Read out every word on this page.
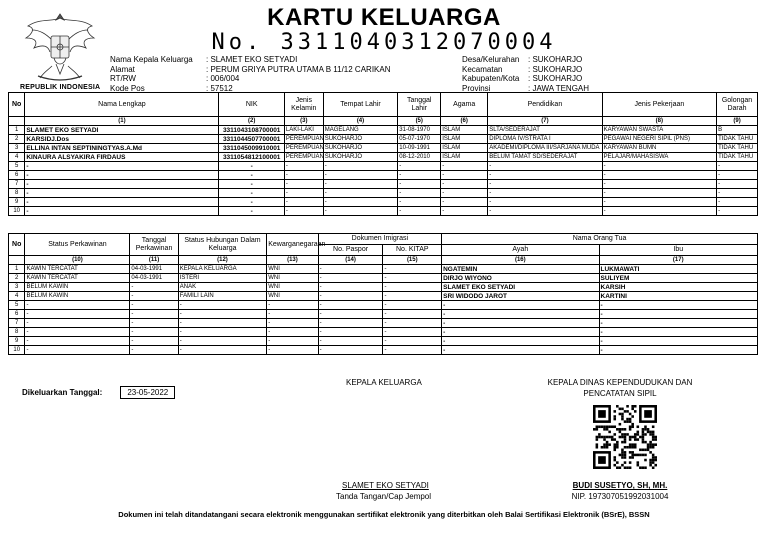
REPUBLIK INDONESIA
KARTU KELUARGA
No. 3311040312070004
Nama Kepala Keluarga	: SLAMET EKO SETYADI
Alamat	: PERUM GRIYA PUTRA UTAMA B 11/12 CARIKAN
RT/RW	: 006/004
Kode Pos	: 57512
Desa/Kelurahan	: SUKOHARJO
Kecamatan	: SUKOHARJO
Kabupaten/Kota	: SUKOHARJO
Provinsi	: JAWA TENGAH
No	Nama Lengkap	NIK	Jenis Kelamin	Tempat Lahir	Tanggal Lahir	Agama	Pendidikan	Jenis Pekerjaan	Golongan Darah
	(1)	(2)	(3)	(4)	(5)	(6)	(7)	(8)	(9)
1	SLAMET EKO SETYADI	3311043108700001	LAKI-LAKI	MAGELANG	31-08-1970	ISLAM	SLTA/SEDERAJAT	KARYAWAN SWASTA	B
2	KARSIDJ.Dos	3311044507700001	PEREMPUAN	SUKOHARJO	05-07-1970	ISLAM	DIPLOMA IV/STRATA I	PEGAWAI NEGERI SIPIL (PNS)	TIDAK TAHU
3	ELLINA INTAN SEPTININGTYAS.A.Md	3311045009910001	PEREMPUAN	SUKOHARJO	10-09-1991	ISLAM	AKADEMI/DIPLOMA III/SARJANA MUDA	KARYAWAN BUMN	TIDAK TAHU
4	KINAURA ALSYAKIRA FIRDAUS	3311054812100001	PEREMPUAN	SUKOHARJO	08-12-2010	ISLAM	BELUM TAMAT SD/SEDERAJAT	PELAJAR/MAHASISWA	TIDAK TAHU
5	-	-	-	-	-	-	-	-	-
6	-	-	-	-	-	-	-	-	-
7	-	-	-	-	-	-	-	-	-
8	-	-	-	-	-	-	-	-	-
9	-	-	-	-	-	-	-	-	-
10	-	-	-	-	-	-	-	-	-
No	Status Perkawinan	Tanggal Perkawinan	Status Hubungan Dalam Keluarga	Kewarganegaraan	Dokumen Imigrasi		Nama Orang Tua	
					No. Paspor	No. KITAP	Ayah	Ibu
	(10)	(11)	(12)	(13)	(14)	(15)	(16)	(17)
1	KAWIN TERCATAT	04-03-1991	KEPALA KELUARGA	WNI	-	-	NGATEMIN	LUKMAWATI
2	KAWIN TERCATAT	04-03-1991	ISTERI	WNI	-	-	DIRJO WIYONO	SULIYEM
3	BELUM KAWIN	-	ANAK	WNI	-	-	SLAMET EKO SETYADI	KARSIH
4	BELUM KAWIN	-	FAMILI LAIN	WNI	-	-	SRI WIDODO JAROT	KARTINI
5	-	-	-	-	-	-	-	-
6	-	-	-	-	-	-	-	-
7	-	-	-	-	-	-	-	-
8	-	-	-	-	-	-	-	-
9	-	-	-	-	-	-	-	-
10	-	-	-	-	-	-	-	-
Dikeluarkan Tanggal:	23-05-2022
KEPALA KELUARGA
SLAMET EKO SETYADI
Tanda Tangan/Cap Jempol
KEPALA DINAS KEPENDUDUKAN DAN
PENCATATAN SIPIL
BUDI SUSETYO, SH, MH.
NIP. 197307051992031004
Dokumen ini telah ditandatangani secara elektronik menggunakan sertifikat elektronik yang diterbitkan oleh Balai Sertifikasi Elektronik (BSrE), BSSN
